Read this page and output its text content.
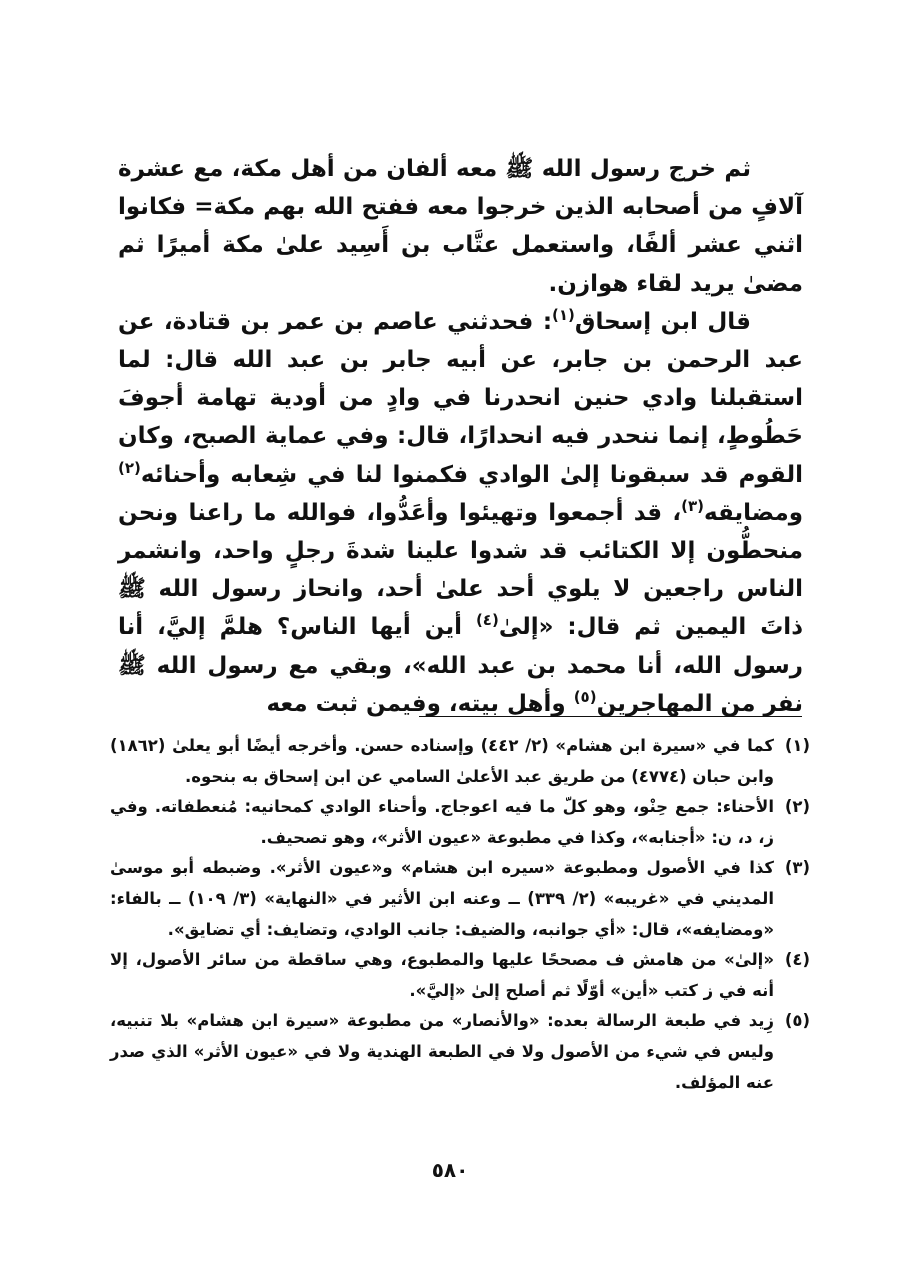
ثم خرج رسول الله ﷺ معه ألفان من أهل مكة، مع عشرة آلافٍ من أصحابه الذين خرجوا معه ففتح الله بهم مكة= فكانوا اثني عشر ألفًا، واستعمل عتَّاب بن أَسِيد علىٰ مكة أميرًا ثم مضىٰ يريد لقاء هوازن.

قال ابن إسحاق$^{(١)}$: فحدثني عاصم بن عمر بن قتادة، عن عبد الرحمن بن جابر، عن أبيه جابر بن عبد الله قال: لما استقبلنا وادي حنين انحدرنا في وادٍ من أودية تهامة أجوفَ حَطُوطٍ، إنما ننحدر فيه انحدارًا، قال: وفي عماية الصبح، وكان القوم قد سبقونا إلىٰ الوادي فكمنوا لنا في شِعابه وأحنائه$^{(٢)}$ ومضايقه$^{(٣)}$، قد أجمعوا وتهيئوا وأعَدُّوا، فوالله ما راعنا ونحن منحطُّون إلا الكتائب قد شدوا علينا شدةَ رجلٍ واحد، وانشمر الناس راجعين لا يلوي أحد علىٰ أحد، وانحاز رسول الله ﷺ ذاتَ اليمين ثم قال: «إلىٰ$^{(٤)}$ أين أيها الناس؟ هلمَّ إليَّ، أنا رسول الله، أنا محمد بن عبد الله»، وبقي مع رسول الله ﷺ نفر من المهاجرين$^{(٥)}$ وأهل بيته، وفيمن ثبت معه

(١)
كما في «سيرة ابن هشام» (٢/ ٤٤٢) وإسناده حسن. وأخرجه أيضًا أبو يعلىٰ (١٨٦٢) وابن حبان (٤٧٧٤) من طريق عبد الأعلىٰ السامي عن ابن إسحاق به بنحوه.
(٢)
الأحناء: جمع حِنْو، وهو كلّ ما فيه اعوجاج. وأحناء الوادي كمحانيه: مُنعطفاته. وفي ز، د، ن: «أجنابه»، وكذا في مطبوعة «عيون الأثر»، وهو تصحيف.
(٣)
كذا في الأصول ومطبوعة «سيره ابن هشام» و«عيون الأثر». وضبطه أبو موسىٰ المديني في «غريبه» (٢/ ٣٣٩) ــ وعنه ابن الأثير في «النهاية» (٣/ ١٠٩) ــ بالفاء: «ومضايفه»، قال: «أي جوانبه، والضيف: جانب الوادي، وتضايف: أي تضايق».
(٤)
«إلىٰ» من هامش ف مصححًا عليها والمطبوع، وهي ساقطة من سائر الأصول، إلا أنه في ز كتب «أين» أوّلًا ثم أصلح إلىٰ «إليَّ».
(٥)
زِيد في طبعة الرسالة بعده: «والأنصار» من مطبوعة «سيرة ابن هشام» بلا تنبيه، وليس في شيء من الأصول ولا في الطبعة الهندية ولا في «عيون الأثر» الذي صدر عنه المؤلف.
٥٨٠
